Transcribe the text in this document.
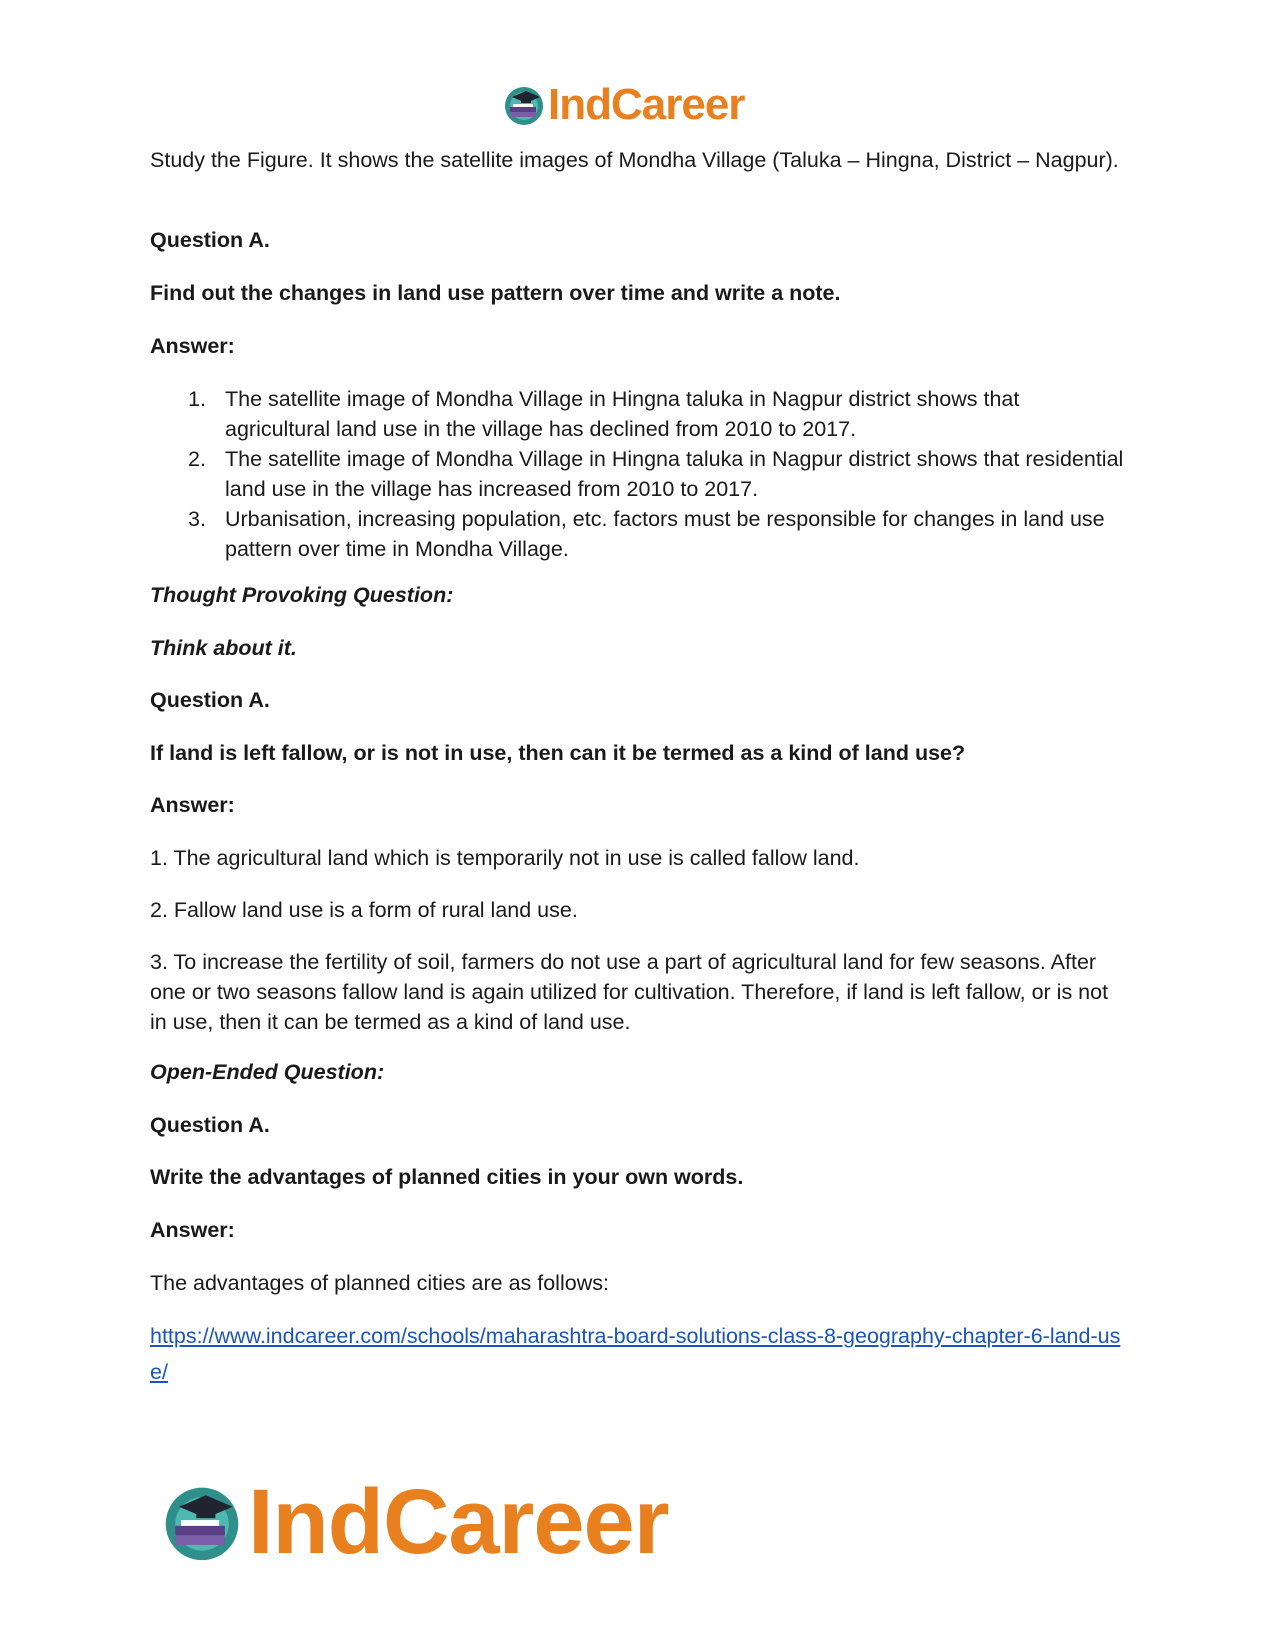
IndCareer

Study the Figure. It shows the satellite images of Mondha Village (Taluka – Hingna, District – Nagpur).

Question A.

Find out the changes in land use pattern over time and write a note.

Answer:

1. The satellite image of Mondha Village in Hingna taluka in Nagpur district shows that agricultural land use in the village has declined from 2010 to 2017.
2. The satellite image of Mondha Village in Hingna taluka in Nagpur district shows that residential land use in the village has increased from 2010 to 2017.
3. Urbanisation, increasing population, etc. factors must be responsible for changes in land use pattern over time in Mondha Village.

Thought Provoking Question:

Think about it.

Question A.

If land is left fallow, or is not in use, then can it be termed as a kind of land use?

Answer:

1. The agricultural land which is temporarily not in use is called fallow land.

2. Fallow land use is a form of rural land use.

3. To increase the fertility of soil, farmers do not use a part of agricultural land for few seasons. After one or two seasons fallow land is again utilized for cultivation. Therefore, if land is left fallow, or is not in use, then it can be termed as a kind of land use.

Open-Ended Question:

Question A.

Write the advantages of planned cities in your own words.

Answer:

The advantages of planned cities are as follows:

https://www.indcareer.com/schools/maharashtra-board-solutions-class-8-geography-chapter-6-land-use/

IndCareer
